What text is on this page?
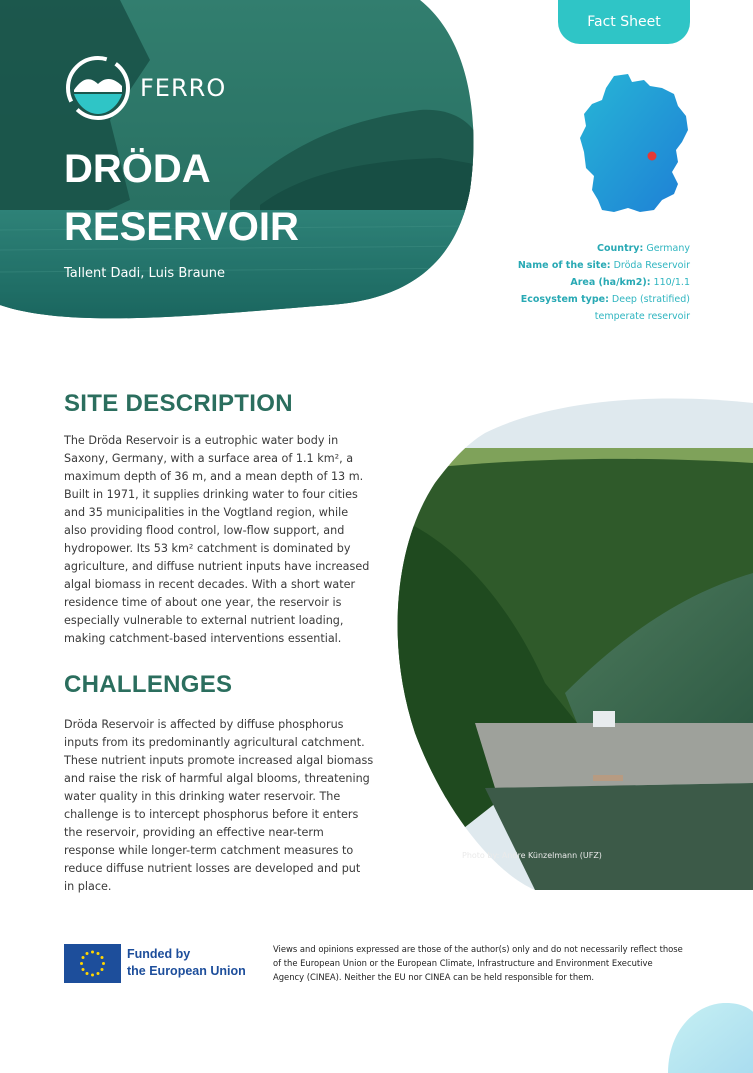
Fact Sheet
FERRO
DRÖDA
RESERVOIR
Tallent Dadi, Luis Braune
Country: Germany
Name of the site: Dröda Reservoir
Area (ha/km2): 110/1.1
Ecosystem type: Deep (stratified)
temperate reservoir
SITE DESCRIPTION

The Dröda Reservoir is a eutrophic water body in Saxony, Germany, with a surface area of 1.1 km², a maximum depth of 36 m, and a mean depth of 13 m. Built in 1971, it supplies drinking water to four cities and 35 municipalities in the Vogtland region, while also providing flood control, low-flow support, and hydropower. Its 53 km² catchment is dominated by agriculture, and diffuse nutrient inputs have increased algal biomass in recent decades. With a short water residence time of about one year, the reservoir is especially vulnerable to external nutrient loading, making catchment-based interventions essential.

CHALLENGES

Dröda Reservoir is affected by diffuse phosphorus inputs from its predominantly agricultural catchment. These nutrient inputs promote increased algal biomass and raise the risk of harmful algal blooms, threatening water quality in this drinking water reservoir. The challenge is to intercept phosphorus before it enters the reservoir, providing an effective near-term response while longer-term catchment measures to reduce diffuse nutrient losses are developed and put in place.

Photo by: Andre Künzelmann (UFZ)
Funded by
the European Union

Views and opinions expressed are those of the author(s) only and do not necessarily reflect those of the European Union or the European Climate, Infrastructure and Environment Executive Agency (CINEA). Neither the EU nor CINEA can be held responsible for them.
